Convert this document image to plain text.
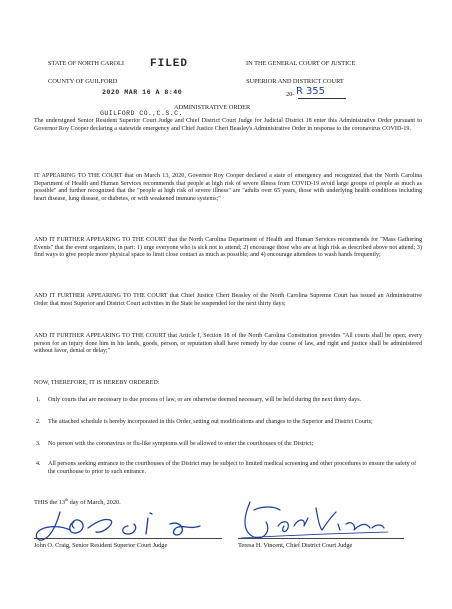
STATE OF NORTH CAROLI
COUNTY OF GUILFORD
IN THE GENERAL COURT OF JUSTICE
SUPERIOR AND DISTRICT COURT
20- R 355
FILED
2020 MAR 16 A 8:40
GUILFORD CO.,C.S.C.
ADMINISTRATIVE ORDER
The undersigned Senior Resident Superior Court Judge and Chief District Court Judge for Judicial District 18 enter this Administrative Order pursuant to Governor Roy Cooper declaring a statewide emergency and Chief Justice Cheri Beasley's Administrative Order in response to the coronavirus COVID-19.
IT APPEARING TO THE COURT that on March 13, 2020, Governor Roy Cooper declared a state of emergency and recognized that the North Carolina Department of Health and Human Services recommends that people at high risk of severe illness from COVID-19 avoid large groups of people as much as possible" and further recognized that the "people at high risk of severe illness" are "adults over 65 years, those with underlying health conditions including heart disease, lung disease, or diabetes, or with weakened immune systems;"
AND IT FURTHER APPEARING TO THE COURT that the North Carolina Department of Health and Human Services recommends for "Mass Gathering Events" that the event organizers, in part: 1) urge everyone who is sick not to attend; 2) encourage those who are at high risk as described above not attend; 3) find ways to give people more physical space to limit close contact as much as possible; and 4) encourage attendees to wash hands frequently;
AND IT FURTHER APPEARING TO THE COURT that Chief Justice Cheri Beasley of the North Carolina Supreme Court has issued an Administrative Order that most Superior and District Court activities in the State be suspended for the next thirty days;
AND IT FURTHER APPEARING TO THE COURT that Article I, Section 18 of the North Carolina Constitution provides "All courts shall be open; every person for an injury done him in his lands, goods, person, or reputation shall have remedy by due course of law, and right and justice shall be administered without favor, denial or delay;"
NOW, THEREFORE, IT IS HEREBY ORDERED:
1. Only courts that are necessary to due process of law, or are otherwise deemed necessary, will be held during the next thirty days.
2. The attached schedule is hereby incorporated in this Order, setting out modifications and changes to the Superior and District Courts;
3. No person with the coronavirus or flu-like symptoms will be allowed to enter the courthouses of the District;
4. All persons seeking entrance to the courthouses of the District may be subject to limited medical screening and other procedures to ensure the safety of the courthouse to prior to such entrance.
THIS the 13th day of March, 2020.
John O. Craig, Senior Resident Superior Court Judge	Teresa H. Vincent, Chief District Court Judge
